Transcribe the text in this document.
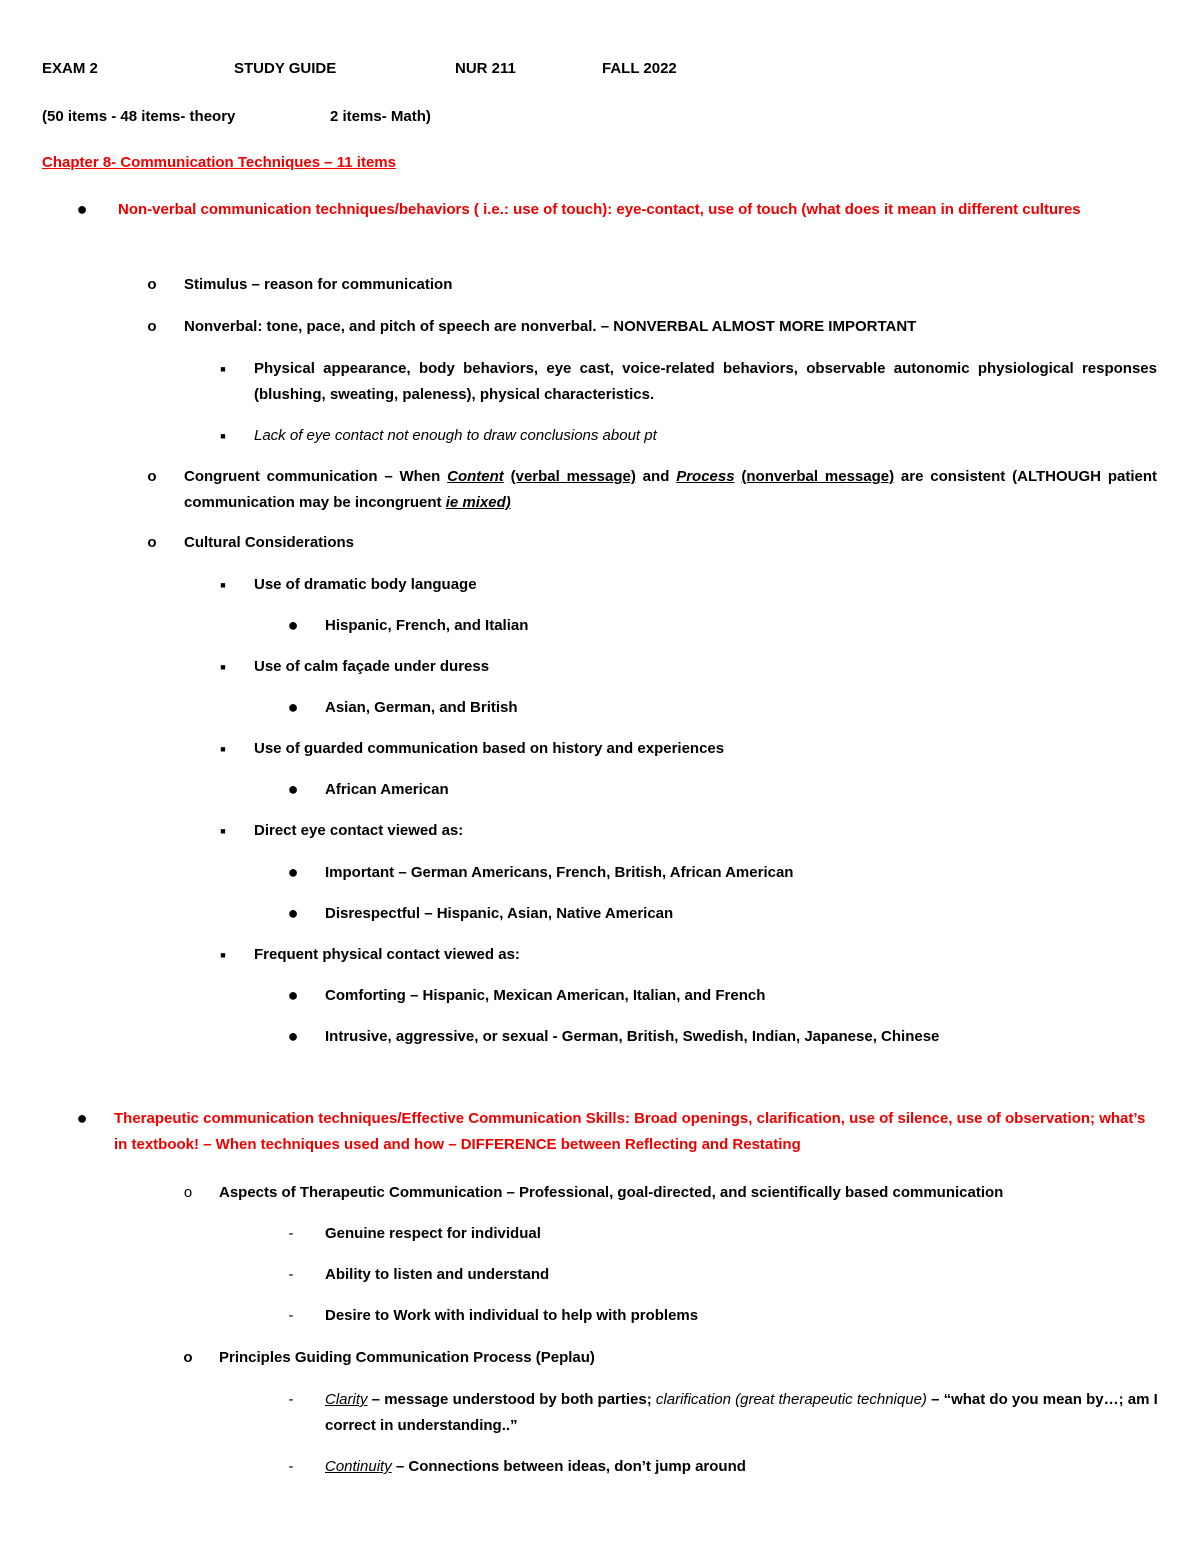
EXAM 2	STUDY GUIDE	NUR 211	FALL 2022
(50 items - 48 items- theory	2 items- Math)
Chapter 8- Communication Techniques – 11 items
●	Non-verbal communication techniques/behaviors ( i.e.: use of touch): eye-contact, use of touch (what does it mean in different cultures
o Stimulus – reason for communication
o Nonverbal: tone, pace, and pitch of speech are nonverbal. – NONVERBAL ALMOST MORE IMPORTANT
■	Physical appearance, body behaviors, eye cast, voice-related behaviors, observable autonomic physiological responses (blushing, sweating, paleness), physical characteristics.
■	Lack of eye contact not enough to draw conclusions about pt
o Congruent communication – When Content (verbal message) and Process (nonverbal message) are consistent (ALTHOUGH patient communication may be incongruent ie mixed)
o Cultural Considerations
■	Use of dramatic body language
●	Hispanic, French, and Italian
■	Use of calm façade under duress
●	Asian, German, and British
■	Use of guarded communication based on history and experiences
●	African American
■	Direct eye contact viewed as:
●	Important – German Americans, French, British, African American
●	Disrespectful – Hispanic, Asian, Native American
■	Frequent physical contact viewed as:
●	Comforting – Hispanic, Mexican American, Italian, and French
●	Intrusive, aggressive, or sexual - German, British, Swedish, Indian, Japanese, Chinese
●	Therapeutic communication techniques/Effective Communication Skills: Broad openings, clarification, use of silence, use of observation; what’s in textbook! – When techniques used and how – DIFFERENCE between Reflecting and Restating
o Aspects of Therapeutic Communication – Professional, goal-directed, and scientifically based communication
-	Genuine respect for individual
-	Ability to listen and understand
-	Desire to Work with individual to help with problems
o Principles Guiding Communication Process (Peplau)
-	Clarity – message understood by both parties; clarification (great therapeutic technique) – “what do you mean by…; am I correct in understanding..”
-	Continuity – Connections between ideas, don’t jump around
